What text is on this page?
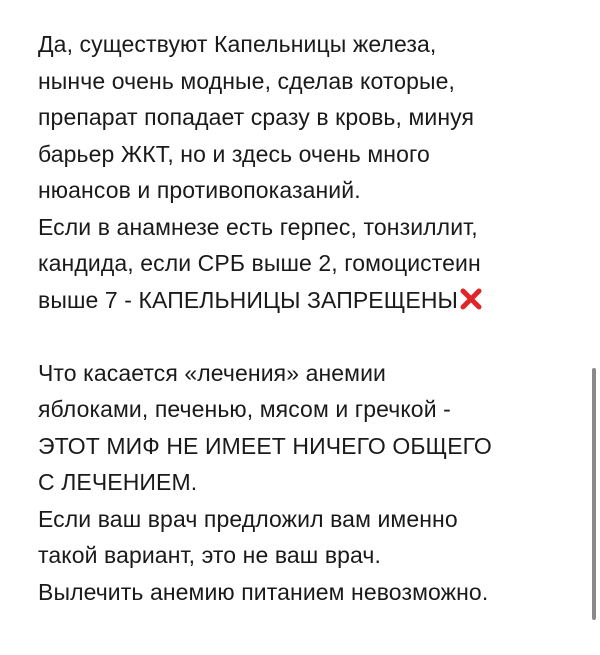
Да, существуют Капельницы железа,
нынче очень модные, сделав которые,
препарат попадает сразу в кровь, минуя
барьер ЖКТ, но и здесь очень много
нюансов и противопоказаний.
Если в анамнезе есть герпес, тонзиллит,
кандида, если СРБ выше 2, гомоцистеин
выше 7 - КАПЕЛЬНИЦЫ ЗАПРЕЩЕНЫ
Что касается «лечения» анемии
яблоками, печенью, мясом и гречкой -
ЭТОТ МИФ НЕ ИМЕЕТ НИЧЕГО ОБЩЕГО
С ЛЕЧЕНИЕМ.
Если ваш врач предложил вам именно
такой вариант, это не ваш врач.
Вылечить анемию питанием невозможно.
